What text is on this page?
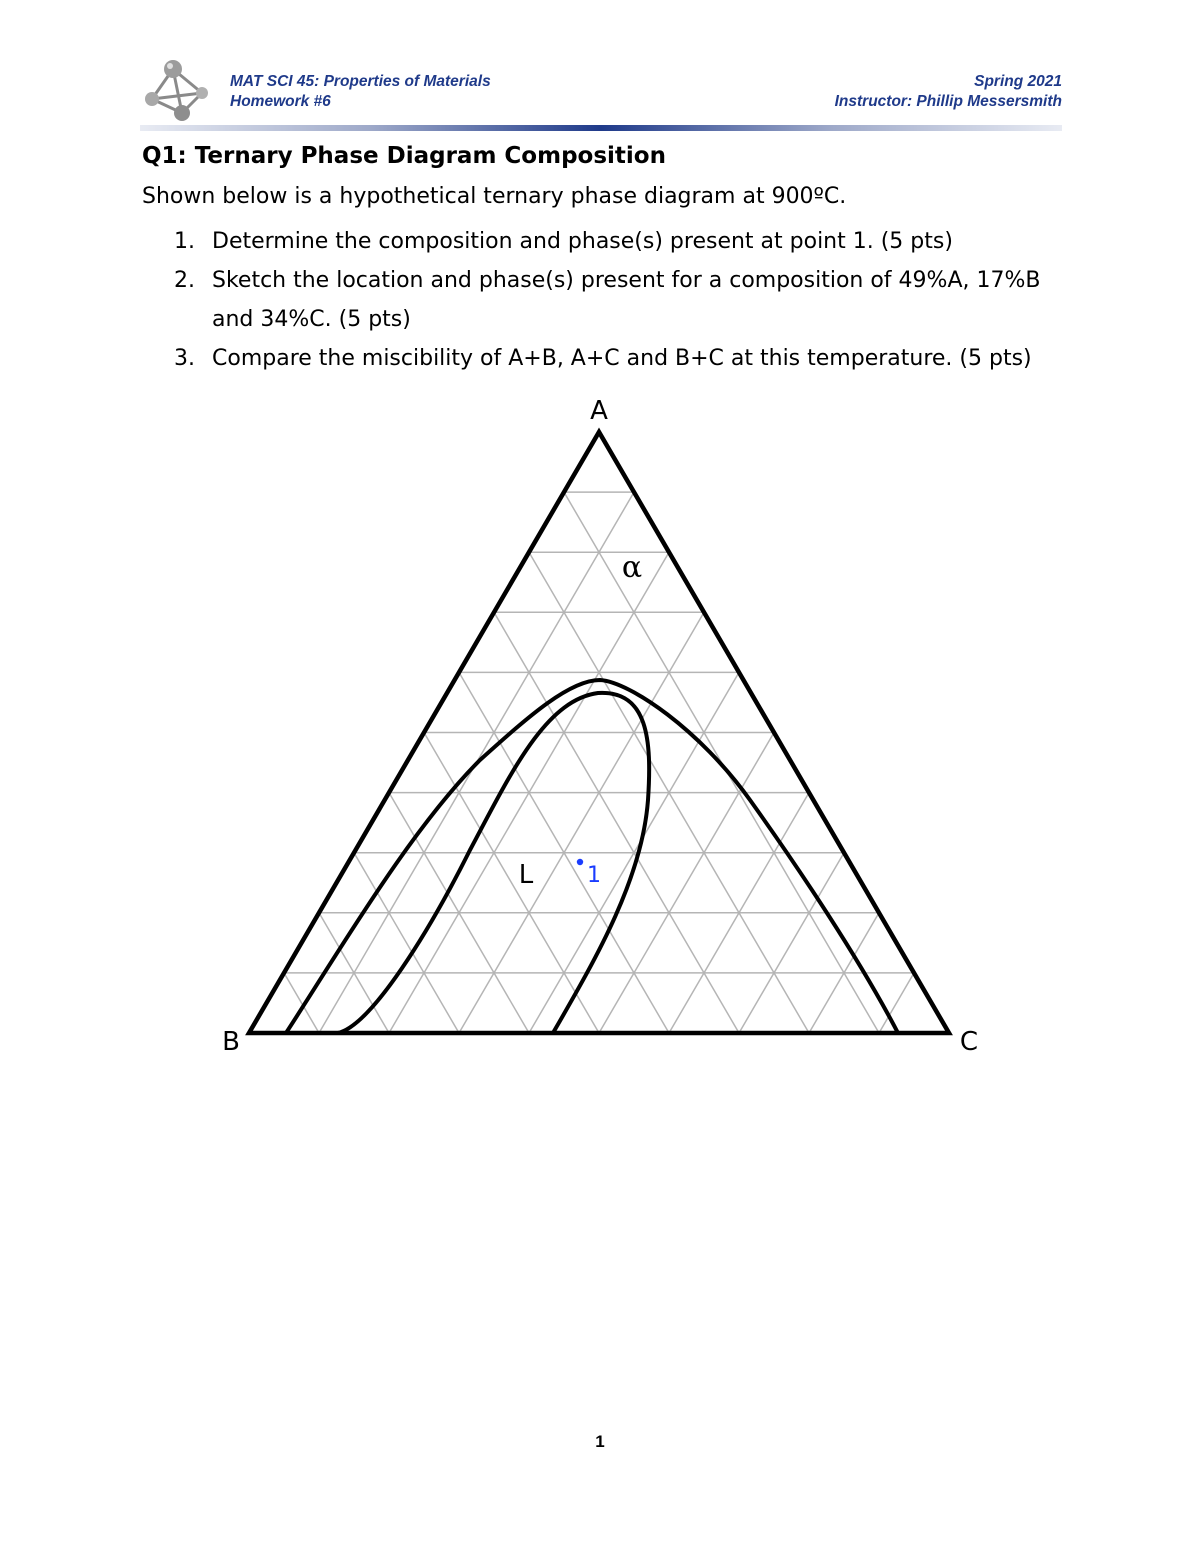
MAT SCI 45: Properties of Materials
Homework #6
Spring 2021
Instructor: Phillip Messersmith
Q1: Ternary Phase Diagram Composition
Shown below is a hypothetical ternary phase diagram at 900ºC.
1. Determine the composition and phase(s) present at point 1. (5 pts)
2. Sketch the location and phase(s) present for a composition of 49%A, 17%B and 34%C. (5 pts)
3. Compare the miscibility of A+B, A+C and B+C at this temperature. (5 pts)
A
B	C
α
L 1
1
